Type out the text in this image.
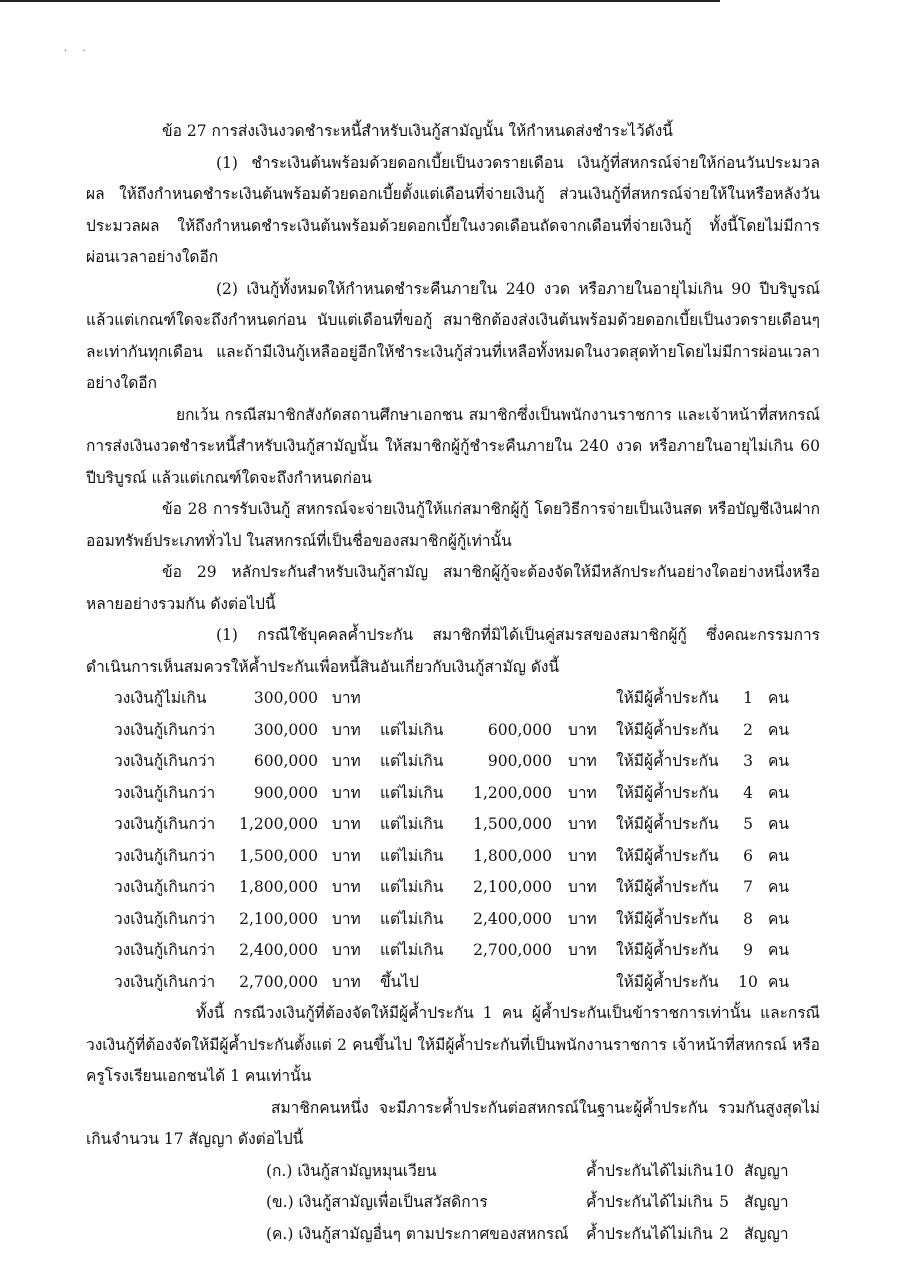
· ·

ข้อ 27 การส่งเงินงวดชำระหนี้สำหรับเงินกู้สามัญนั้น ให้กำหนดส่งชำระไว้ดังนี้

(1) ชำระเงินต้นพร้อมด้วยดอกเบี้ยเป็นงวดรายเดือน เงินกู้ที่สหกรณ์จ่ายให้ก่อนวันประมวลผล ให้ถึงกำหนดชำระเงินต้นพร้อมด้วยดอกเบี้ยตั้งแต่เดือนที่จ่ายเงินกู้ ส่วนเงินกู้ที่สหกรณ์จ่ายให้ในหรือหลังวันประมวลผล ให้ถึงกำหนดชำระเงินต้นพร้อมด้วยดอกเบี้ยในงวดเดือนถัดจากเดือนที่จ่ายเงินกู้ ทั้งนี้โดยไม่มีการผ่อนเวลาอย่างใดอีก

(2) เงินกู้ทั้งหมดให้กำหนดชำระคืนภายใน 240 งวด หรือภายในอายุไม่เกิน 90 ปีบริบูรณ์ แล้วแต่เกณฑ์ใดจะถึงกำหนดก่อน นับแต่เดือนที่ขอกู้ สมาชิกต้องส่งเงินต้นพร้อมด้วยดอกเบี้ยเป็นงวดรายเดือนๆละเท่ากันทุกเดือน และถ้ามีเงินกู้เหลืออยู่อีกให้ชำระเงินกู้ส่วนที่เหลือทั้งหมดในงวดสุดท้ายโดยไม่มีการผ่อนเวลาอย่างใดอีก

ยกเว้น กรณีสมาชิกสังกัดสถานศึกษาเอกชน สมาชิกซึ่งเป็นพนักงานราชการ และเจ้าหน้าที่สหกรณ์ การส่งเงินงวดชำระหนี้สำหรับเงินกู้สามัญนั้น ให้สมาชิกผู้กู้ชำระคืนภายใน 240 งวด หรือภายในอายุไม่เกิน 60 ปีบริบูรณ์ แล้วแต่เกณฑ์ใดจะถึงกำหนดก่อน

ข้อ 28 การรับเงินกู้ สหกรณ์จะจ่ายเงินกู้ให้แก่สมาชิกผู้กู้ โดยวิธีการจ่ายเป็นเงินสด หรือบัญชีเงินฝากออมทรัพย์ประเภททั่วไป ในสหกรณ์ที่เป็นชื่อของสมาชิกผู้กู้เท่านั้น

ข้อ 29 หลักประกันสำหรับเงินกู้สามัญ สมาชิกผู้กู้จะต้องจัดให้มีหลักประกันอย่างใดอย่างหนึ่งหรือหลายอย่างรวมกัน ดังต่อไปนี้

(1) กรณีใช้บุคคลค้ำประกัน สมาชิกที่มิได้เป็นคู่สมรสของสมาชิกผู้กู้ ซึ่งคณะกรรมการดำเนินการเห็นสมควรให้ค้ำประกันเพื่อหนี้สินอันเกี่ยวกับเงินกู้สามัญ ดังนี้

วงเงินกู้ไม่เกิน	300,000	บาท				ให้มีผู้ค้ำประกัน	1	คน
วงเงินกู้เกินกว่า	300,000	บาท	แต่ไม่เกิน	600,000	บาท	ให้มีผู้ค้ำประกัน	2	คน
วงเงินกู้เกินกว่า	600,000	บาท	แต่ไม่เกิน	900,000	บาท	ให้มีผู้ค้ำประกัน	3	คน
วงเงินกู้เกินกว่า	900,000	บาท	แต่ไม่เกิน	1,200,000	บาท	ให้มีผู้ค้ำประกัน	4	คน
วงเงินกู้เกินกว่า	1,200,000	บาท	แต่ไม่เกิน	1,500,000	บาท	ให้มีผู้ค้ำประกัน	5	คน
วงเงินกู้เกินกว่า	1,500,000	บาท	แต่ไม่เกิน	1,800,000	บาท	ให้มีผู้ค้ำประกัน	6	คน
วงเงินกู้เกินกว่า	1,800,000	บาท	แต่ไม่เกิน	2,100,000	บาท	ให้มีผู้ค้ำประกัน	7	คน
วงเงินกู้เกินกว่า	2,100,000	บาท	แต่ไม่เกิน	2,400,000	บาท	ให้มีผู้ค้ำประกัน	8	คน
วงเงินกู้เกินกว่า	2,400,000	บาท	แต่ไม่เกิน	2,700,000	บาท	ให้มีผู้ค้ำประกัน	9	คน
วงเงินกู้เกินกว่า	2,700,000	บาท	ขึ้นไป			ให้มีผู้ค้ำประกัน	10	คน

ทั้งนี้ กรณีวงเงินกู้ที่ต้องจัดให้มีผู้ค้ำประกัน 1 คน ผู้ค้ำประกันเป็นข้าราชการเท่านั้น และกรณีวงเงินกู้ที่ต้องจัดให้มีผู้ค้ำประกันตั้งแต่ 2 คนขึ้นไป ให้มีผู้ค้ำประกันที่เป็นพนักงานราชการ เจ้าหน้าที่สหกรณ์ หรือครูโรงเรียนเอกชนได้ 1 คนเท่านั้น

สมาชิกคนหนึ่ง จะมีภาระค้ำประกันต่อสหกรณ์ในฐานะผู้ค้ำประกัน รวมกันสูงสุดไม่เกินจำนวน 17 สัญญา ดังต่อไปนี้

(ก.) เงินกู้สามัญหมุนเวียน	ค้ำประกันได้ไม่เกิน 10 สัญญา
(ข.) เงินกู้สามัญเพื่อเป็นสวัสดิการ	ค้ำประกันได้ไม่เกิน 5 สัญญา
(ค.) เงินกู้สามัญอื่นๆ ตามประกาศของสหกรณ์	ค้ำประกันได้ไม่เกิน 2 สัญญา
